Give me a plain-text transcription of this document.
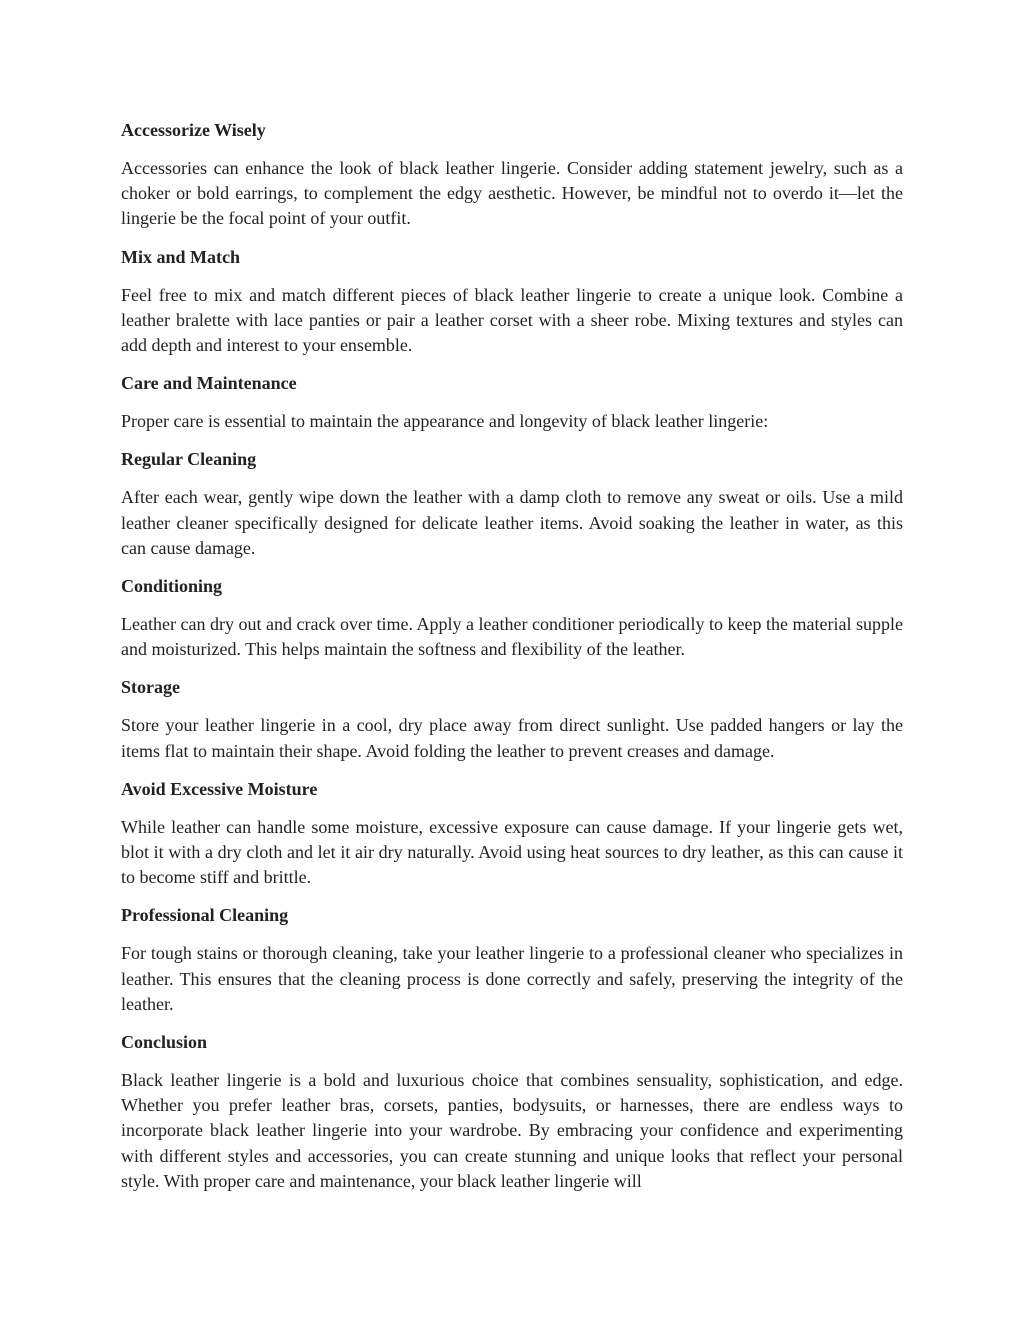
Accessorize Wisely
Accessories can enhance the look of black leather lingerie. Consider adding statement jewelry, such as a choker or bold earrings, to complement the edgy aesthetic. However, be mindful not to overdo it—let the lingerie be the focal point of your outfit.
Mix and Match
Feel free to mix and match different pieces of black leather lingerie to create a unique look. Combine a leather bralette with lace panties or pair a leather corset with a sheer robe. Mixing textures and styles can add depth and interest to your ensemble.
Care and Maintenance
Proper care is essential to maintain the appearance and longevity of black leather lingerie:
Regular Cleaning
After each wear, gently wipe down the leather with a damp cloth to remove any sweat or oils. Use a mild leather cleaner specifically designed for delicate leather items. Avoid soaking the leather in water, as this can cause damage.
Conditioning
Leather can dry out and crack over time. Apply a leather conditioner periodically to keep the material supple and moisturized. This helps maintain the softness and flexibility of the leather.
Storage
Store your leather lingerie in a cool, dry place away from direct sunlight. Use padded hangers or lay the items flat to maintain their shape. Avoid folding the leather to prevent creases and damage.
Avoid Excessive Moisture
While leather can handle some moisture, excessive exposure can cause damage. If your lingerie gets wet, blot it with a dry cloth and let it air dry naturally. Avoid using heat sources to dry leather, as this can cause it to become stiff and brittle.
Professional Cleaning
For tough stains or thorough cleaning, take your leather lingerie to a professional cleaner who specializes in leather. This ensures that the cleaning process is done correctly and safely, preserving the integrity of the leather.
Conclusion
Black leather lingerie is a bold and luxurious choice that combines sensuality, sophistication, and edge. Whether you prefer leather bras, corsets, panties, bodysuits, or harnesses, there are endless ways to incorporate black leather lingerie into your wardrobe. By embracing your confidence and experimenting with different styles and accessories, you can create stunning and unique looks that reflect your personal style. With proper care and maintenance, your black leather lingerie will
